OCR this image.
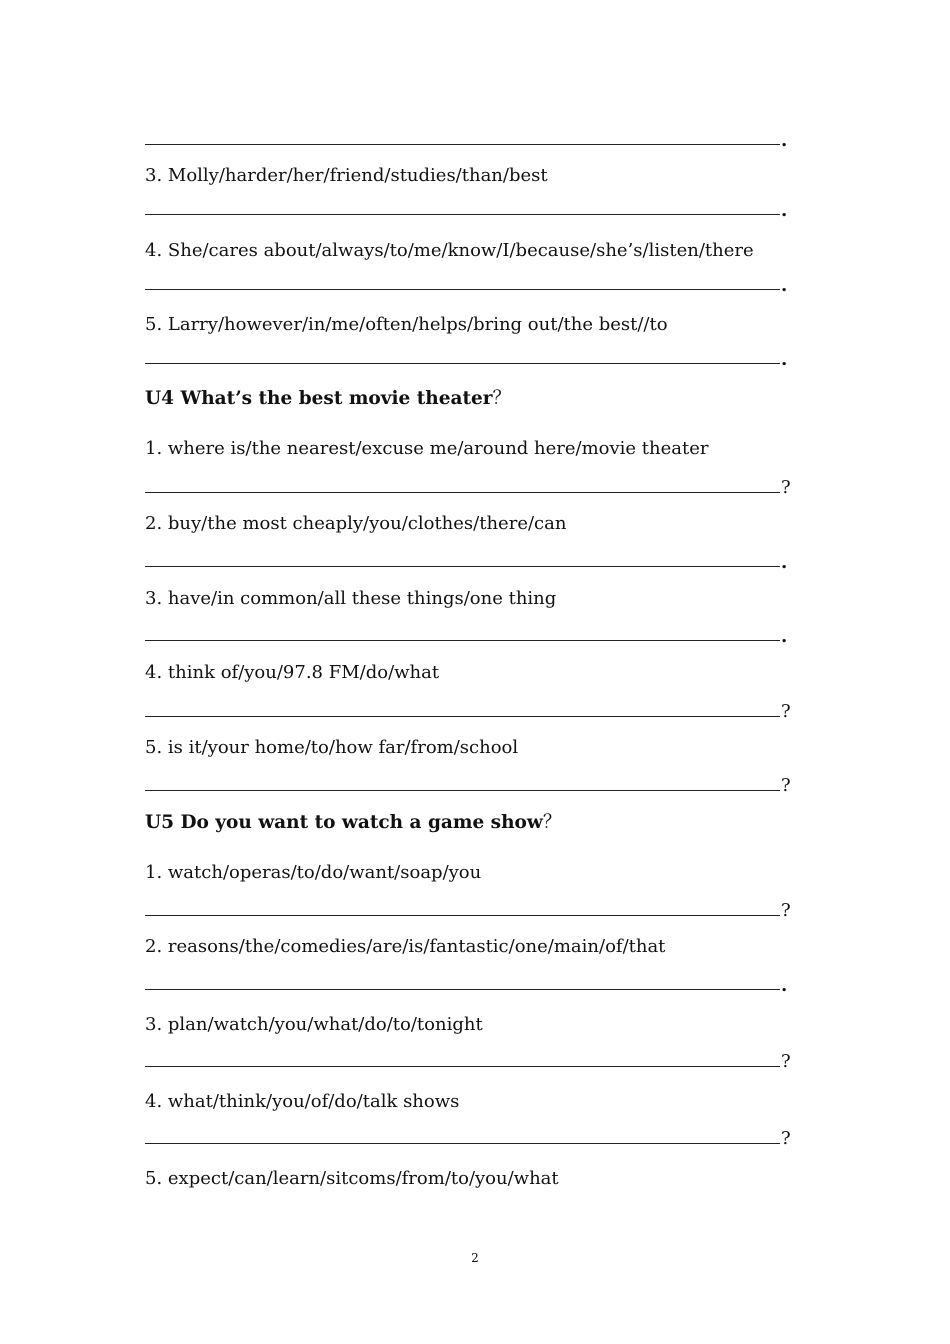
.
3. Molly/harder/her/friend/studies/than/best
.
4. She/cares about/always/to/me/know/I/because/she’s/listen/there
.
5. Larry/however/in/me/often/helps/bring out/the best//to
.
U4 What’s the best movie theater？
1. where is/the nearest/excuse me/around here/movie theater
?
2. buy/the most cheaply/you/clothes/there/can
.
3. have/in common/all these things/one thing
.
4. think of/you/97.8 FM/do/what
?
5. is it/your home/to/how far/from/school
?
U5 Do you want to watch a game show？
1. watch/operas/to/do/want/soap/you
?
2. reasons/the/comedies/are/is/fantastic/one/main/of/that
.
3. plan/watch/you/what/do/to/tonight
?
4. what/think/you/of/do/talk shows
?
5. expect/can/learn/sitcoms/from/to/you/what
2
